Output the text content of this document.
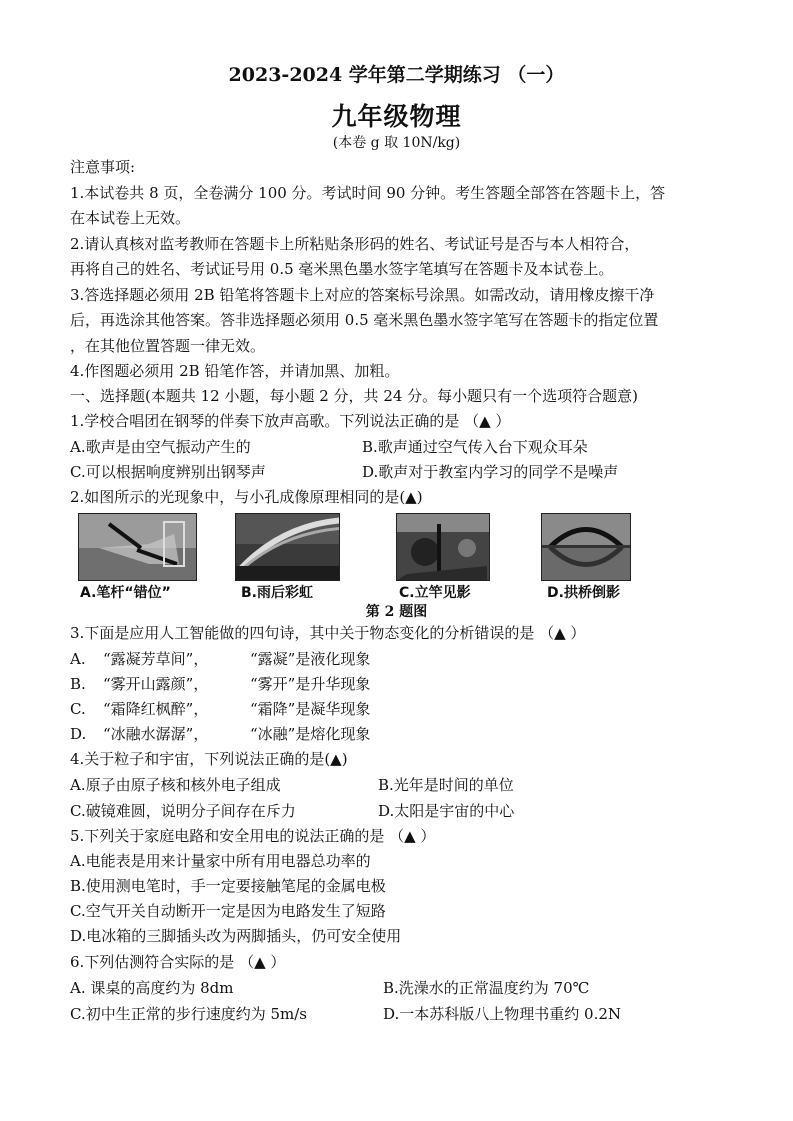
2023-2024 学年第二学期练习 （一）
九年级物理
(本卷 g 取 10N/kg)
注意事项:
1.本试卷共 8 页，全卷满分 100 分。考试时间 90 分钟。考生答题全部答在答题卡上，答
在本试卷上无效。
2.请认真核对监考教师在答题卡上所粘贴条形码的姓名、考试证号是否与本人相符合，
再将自己的姓名、考试证号用 0.5 毫米黑色墨水签字笔填写在答题卡及本试卷上。
3.答选择题必须用 2B 铅笔将答题卡上对应的答案标号涂黑。如需改动，请用橡皮擦干净
后，再选涂其他答案。答非选择题必须用 0.5 毫米黑色墨水签字笔写在答题卡的指定位置
，在其他位置答题一律无效。
4.作图题必须用 2B 铅笔作答，并请加黑、加粗。
一、选择题(本题共 12 小题，每小题 2 分，共 24 分。每小题只有一个选项符合题意)
1.学校合唱团在钢琴的伴奏下放声高歌。下列说法正确的是 （▲ ）
A.歌声是由空气振动产生的	B.歌声通过空气传入台下观众耳朵
C.可以根据响度辨别出钢琴声	D.歌声对于教室内学习的同学不是噪声
2.如图所示的光现象中，与小孔成像原理相同的是(▲)
A.笔杆“错位”	B.雨后彩虹	C.立竿见影	D.拱桥倒影
第 2 题图
3.下面是应用人工智能做的四句诗，其中关于物态变化的分析错误的是 （▲ ）
A. “露凝芳草间”，	“露凝”是液化现象
B. “雾开山露颜”，	“雾开”是升华现象
C. “霜降红枫醉”，	“霜降”是凝华现象
D. “冰融水潺潺”，	“冰融”是熔化现象
4.关于粒子和宇宙，下列说法正确的是(▲)
A.原子由原子核和核外电子组成	B.光年是时间的单位
C.破镜难圆，说明分子间存在斥力	D.太阳是宇宙的中心
5.下列关于家庭电路和安全用电的说法正确的是 （▲ ）
A.电能表是用来计量家中所有用电器总功率的
B.使用测电笔时，手一定要接触笔尾的金属电极
C.空气开关自动断开一定是因为电路发生了短路
D.电冰箱的三脚插头改为两脚插头，仍可安全使用
6.下列估测符合实际的是 （▲ ）
A. 课桌的高度约为 8dm	B.洗澡水的正常温度约为 70℃
C.初中生正常的步行速度约为 5m/s	D.一本苏科版八上物理书重约 0.2N
